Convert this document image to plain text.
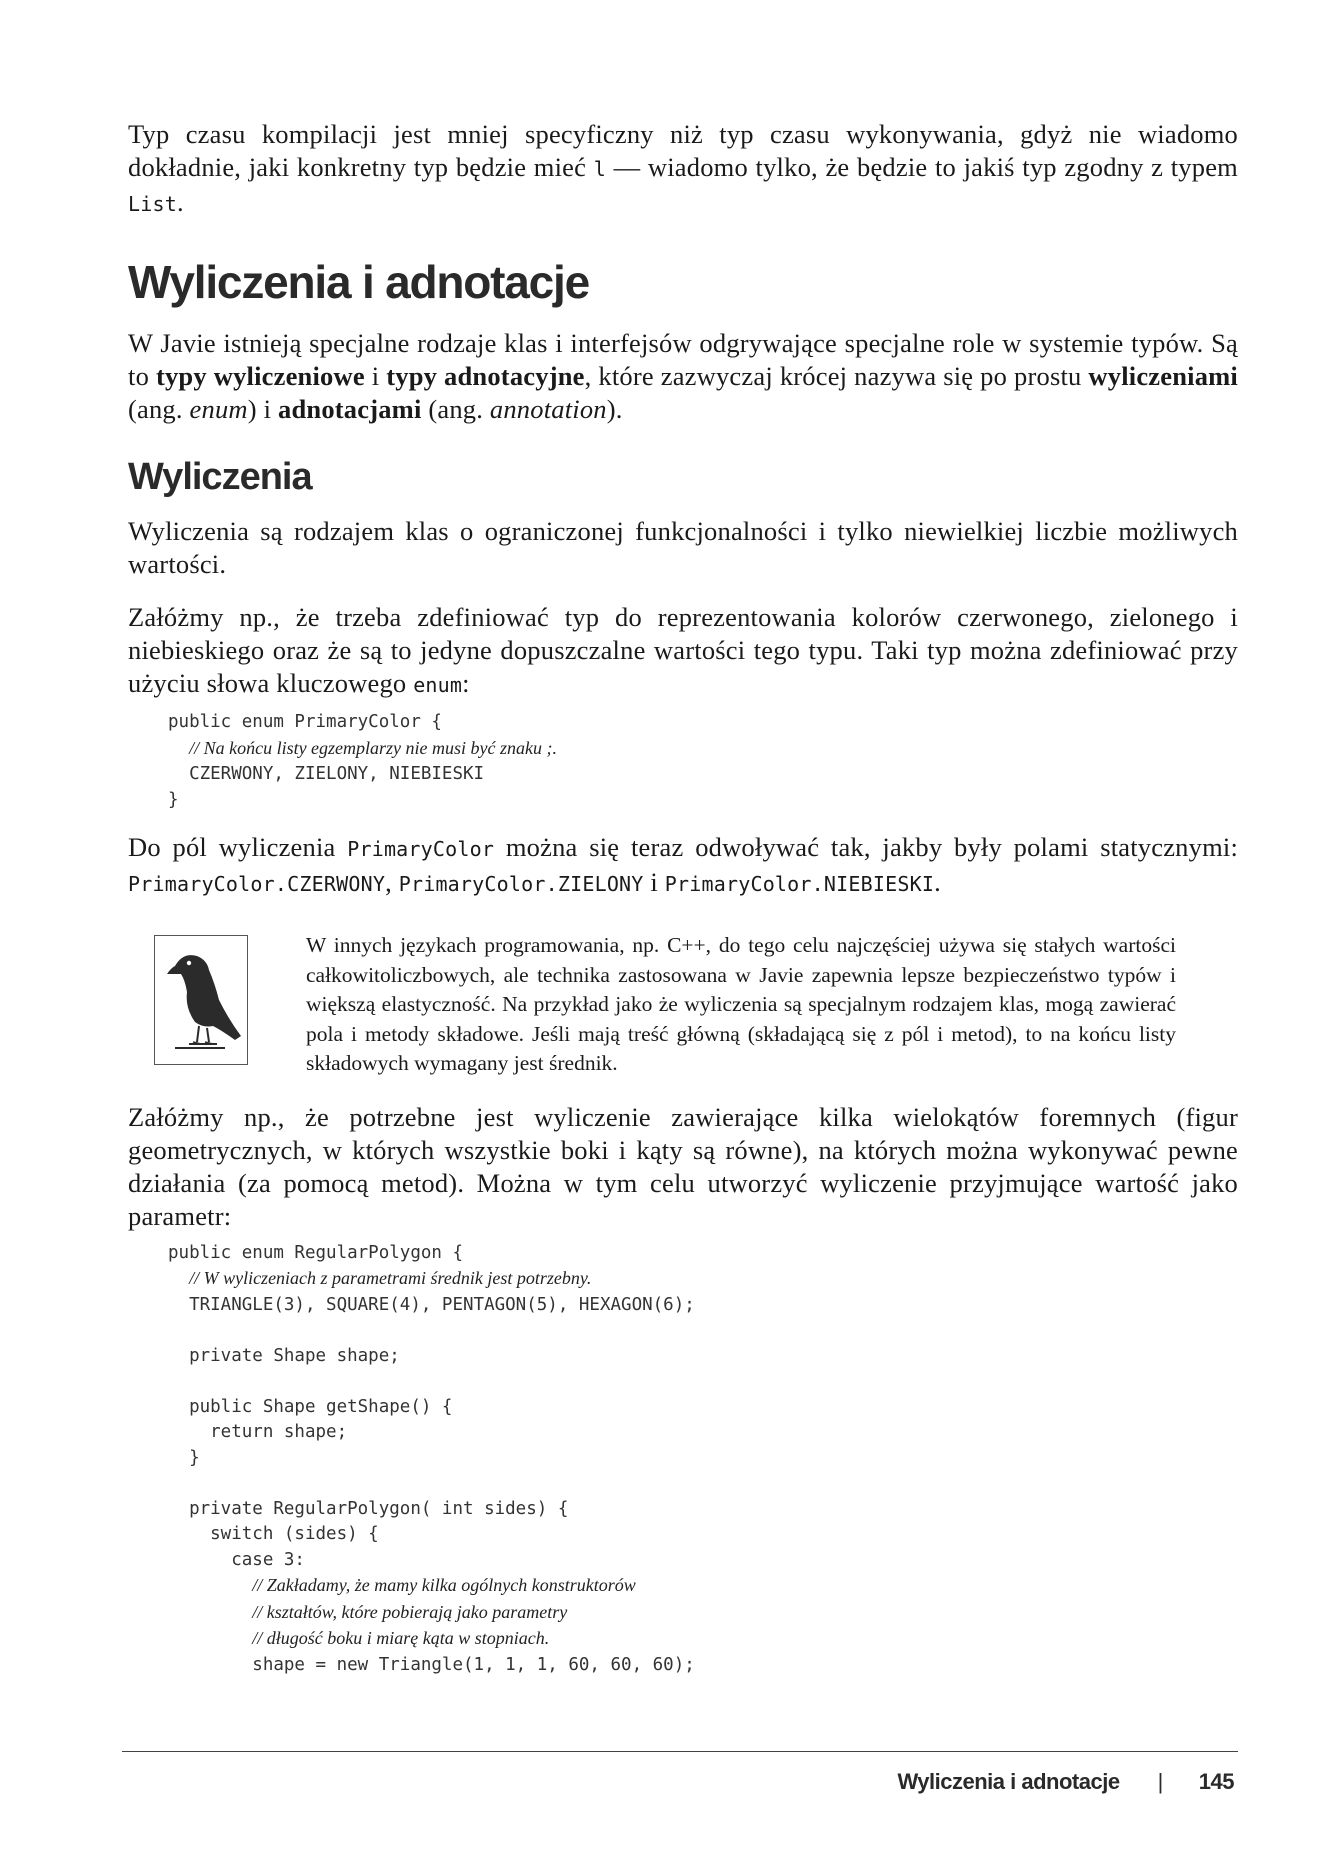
Typ czasu kompilacji jest mniej specyficzny niż typ czasu wykonywania, gdyż nie wiadomo dokładnie, jaki konkretny typ będzie mieć l — wiadomo tylko, że będzie to jakiś typ zgodny z typem List.

Wyliczenia i adnotacje

W Javie istnieją specjalne rodzaje klas i interfejsów odgrywające specjalne role w systemie typów. Są to typy wyliczeniowe i typy adnotacyjne, które zazwyczaj krócej nazywa się po prostu wyliczeniami (ang. enum) i adnotacjami (ang. annotation).

Wyliczenia

Wyliczenia są rodzajem klas o ograniczonej funkcjonalności i tylko niewielkiej liczbie możliwych wartości.

Załóżmy np., że trzeba zdefiniować typ do reprezentowania kolorów czerwonego, zielonego i niebieskiego oraz że są to jedyne dopuszczalne wartości tego typu. Taki typ można zdefiniować przy użyciu słowa kluczowego enum:

public enum PrimaryColor {
// Na końcu listy egzemplarzy nie musi być znaku ;.
CZERWONY, ZIELONY, NIEBIESKI
}

Do pól wyliczenia PrimaryColor można się teraz odwoływać tak, jakby były polami statycznymi: PrimaryColor.CZERWONY, PrimaryColor.ZIELONY i PrimaryColor.NIEBIESKI.

W innych językach programowania, np. C++, do tego celu najczęściej używa się stałych wartości całkowitoliczbowych, ale technika zastosowana w Javie zapewnia lepsze bezpieczeństwo typów i większą elastyczność. Na przykład jako że wyliczenia są specjalnym rodzajem klas, mogą zawierać pola i metody składowe. Jeśli mają treść główną (składającą się z pól i metod), to na końcu listy składowych wymagany jest średnik.

Załóżmy np., że potrzebne jest wyliczenie zawierające kilka wielokątów foremnych (figur geometrycznych, w których wszystkie boki i kąty są równe), na których można wykonywać pewne działania (za pomocą metod). Można w tym celu utworzyć wyliczenie przyjmujące wartość jako parametr:

public enum RegularPolygon {
// W wyliczeniach z parametrami średnik jest potrzebny.
TRIANGLE(3), SQUARE(4), PENTAGON(5), HEXAGON(6);

private Shape shape;

public Shape getShape() {
return shape;
}

private RegularPolygon( int sides) {
switch (sides) {
case 3:
// Zakładamy, że mamy kilka ogólnych konstruktorów
// kształtów, które pobierają jako parametry
// długość boku i miarę kąta w stopniach.
shape = new Triangle(1, 1, 1, 60, 60, 60);
Wyliczenia i adnotacje | 145
